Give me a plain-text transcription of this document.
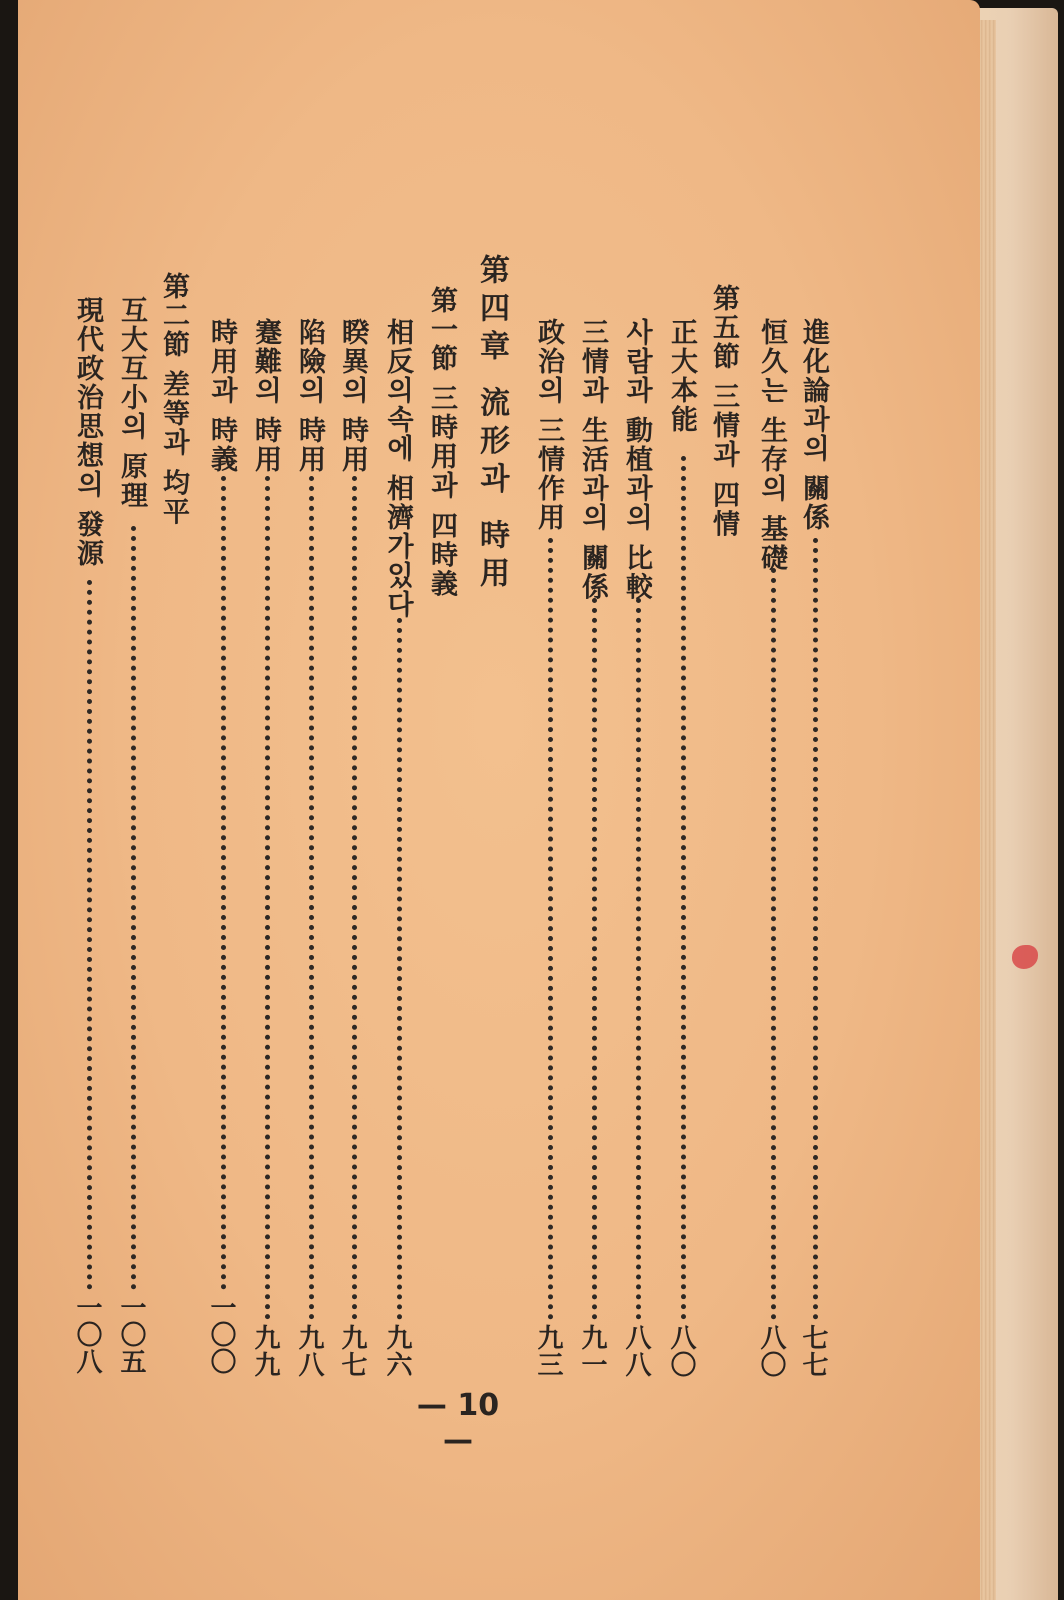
進化論과의 關係
七七
恒久는 生存의 基礎
八〇
第五節 三情과 四情
正大本能
八〇
사람과 動植과의 比較
八八
三情과 生活과의 關係
九一
政治의 三情作用
九三
第四章 流形과 時用
第一節 三時用과 四時義
相反의속에 相濟가있다
九六
睽異의 時用
九七
陷險의 時用
九八
蹇難의 時用
九九
時用과 時義
一〇〇
第二節 差等과 均平
互大互小의 原理
一〇五
現代政治思想의 發源
一〇八
— 10 —
